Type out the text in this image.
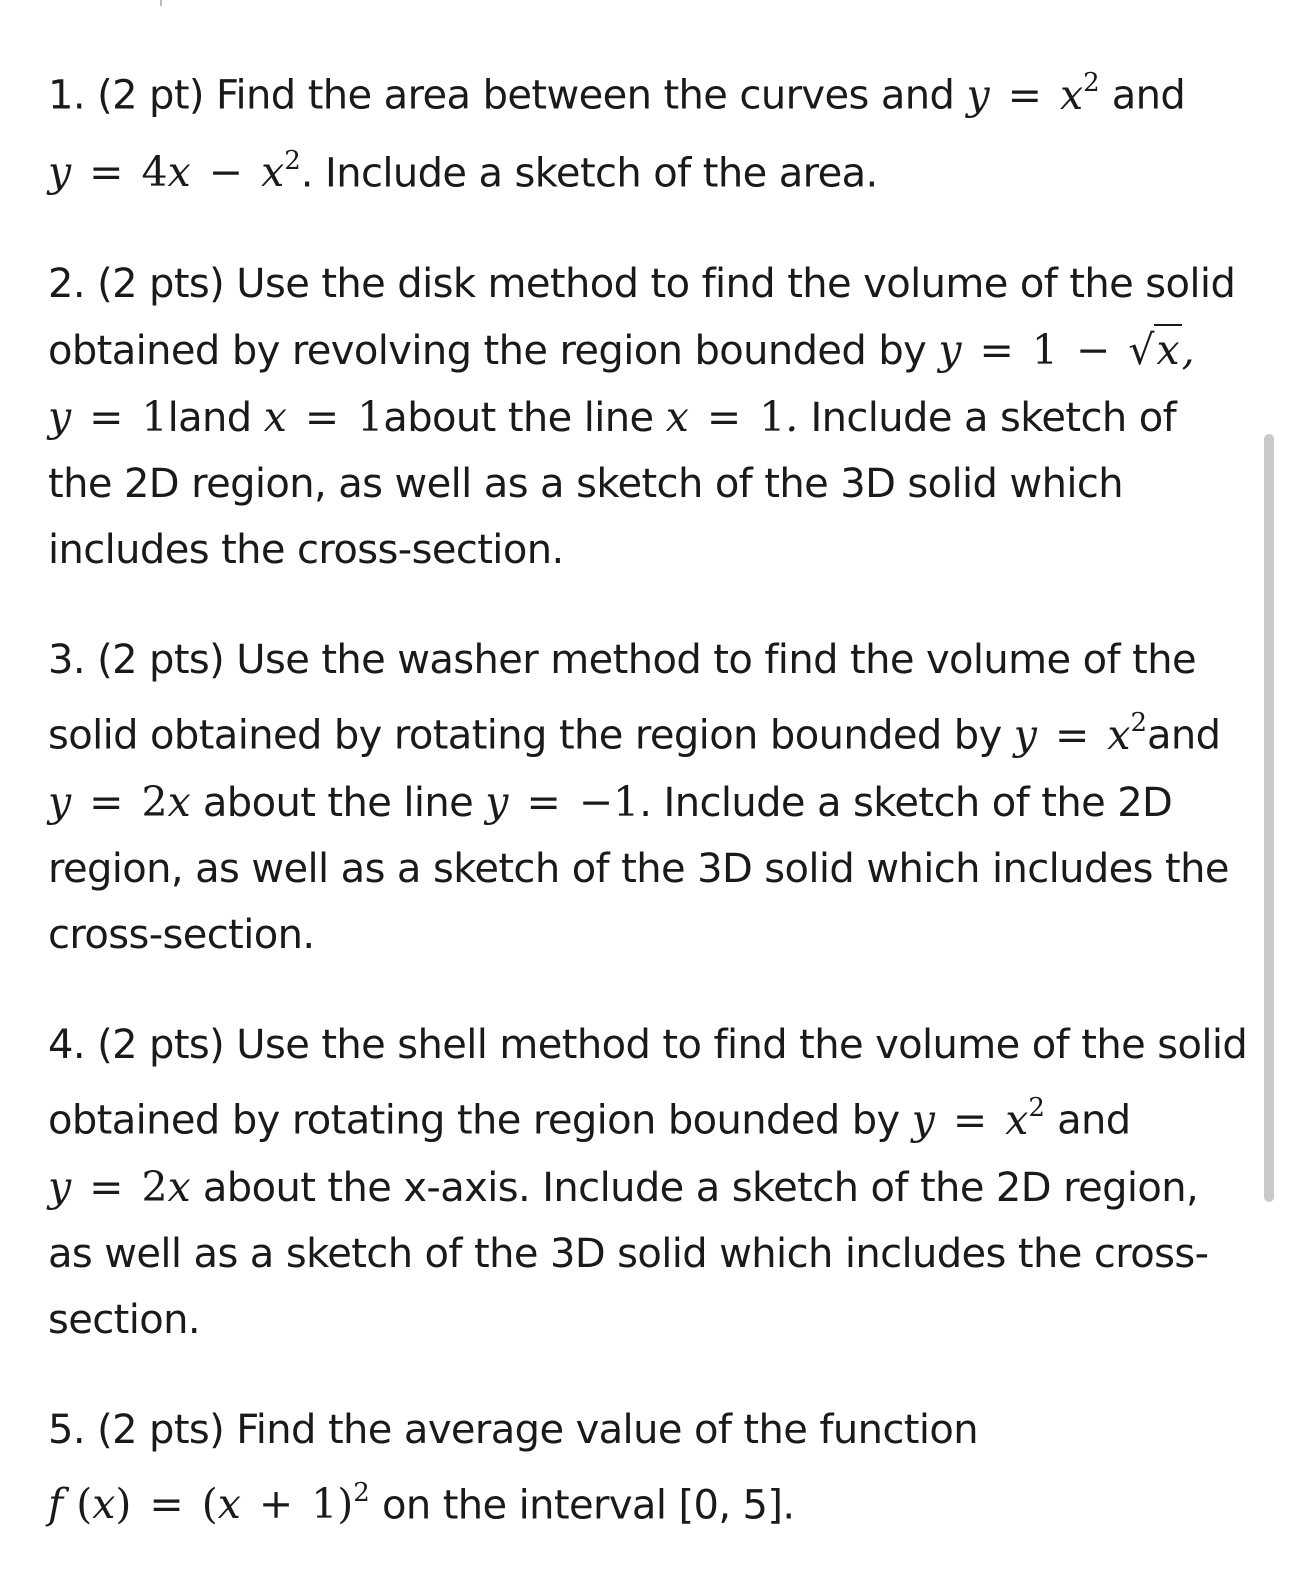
1. (2 pt) Find the area between the curves and $y = x^2$ and
$y = 4x - x^2$. Include a sketch of the area.

2. (2 pts) Use the disk method to find the volume of the solid obtained by revolving the region bounded by y = 1 − √x,
y = 1land x = 1about the line x = 1. Include a sketch of the 2D region, as well as a sketch of the 3D solid which includes the cross-section.

3. (2 pts) Use the washer method to find the volume of the solid obtained by rotating the region bounded by $y = x^2and$
y = 2x about the line y = −1. Include a sketch of the 2D region, as well as a sketch of the 3D solid which includes the cross-section.

4. (2 pts) Use the shell method to find the volume of the solid obtained by rotating the region bounded by $y = x^2$ and
y = 2x about the x-axis. Include a sketch of the 2D region, as well as a sketch of the 3D solid which includes the cross-section.

5. (2 pts) Find the average value of the function
f $(x) = (x + 1)^2$ on the interval [0, 5].
